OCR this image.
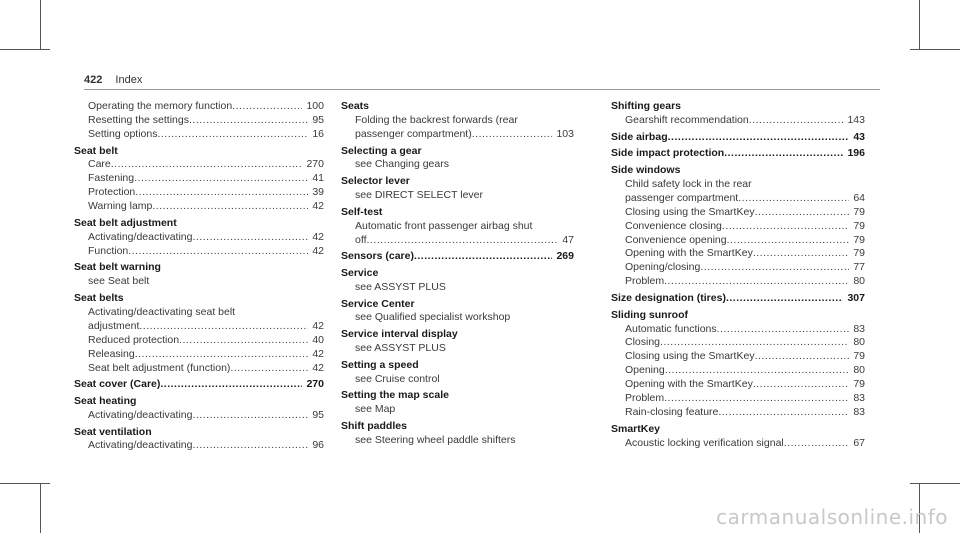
422 Index
Operating the memory function .....	100
Resetting the settings .....	95
Setting options .....	16
Seat belt
Care .....	270
Fastening .....	41
Protection .....	39
Warning lamp .....	42
Seat belt adjustment
Activating/deactivating .....	42
Function .....	42
Seat belt warning
see Seat belt
Seat belts
Activating/deactivating seat belt
adjustment .....	42
Reduced protection .....	40
Releasing .....	42
Seat belt adjustment (function) .....	42
Seat cover (Care) .....	270
Seat heating
Activating/deactivating .....	95
Seat ventilation
Activating/deactivating .....	96
Seats
Folding the backrest forwards (rear
passenger compartment) .....	103
Selecting a gear
see Changing gears
Selector lever
see DIRECT SELECT lever
Self-test
Automatic front passenger airbag shut
off .....	47
Sensors (care) .....	269
Service
see ASSYST PLUS
Service Center
see Qualified specialist workshop
Service interval display
see ASSYST PLUS
Setting a speed
see Cruise control
Setting the map scale
see Map
Shift paddles
see Steering wheel paddle shifters
Shifting gears
Gearshift recommendation .....	143
Side airbag .....	43
Side impact protection .....	196
Side windows
Child safety lock in the rear
passenger compartment .....	64
Closing using the SmartKey .....	79
Convenience closing .....	79
Convenience opening .....	79
Opening with the SmartKey .....	79
Opening/closing .....	77
Problem .....	80
Size designation (tires) .....	307
Sliding sunroof
Automatic functions .....	83
Closing .....	80
Closing using the SmartKey .....	79
Opening .....	80
Opening with the SmartKey .....	79
Problem .....	83
Rain-closing feature .....	83
SmartKey
Acoustic locking verification signal .....	67
carmanualsonline.info
